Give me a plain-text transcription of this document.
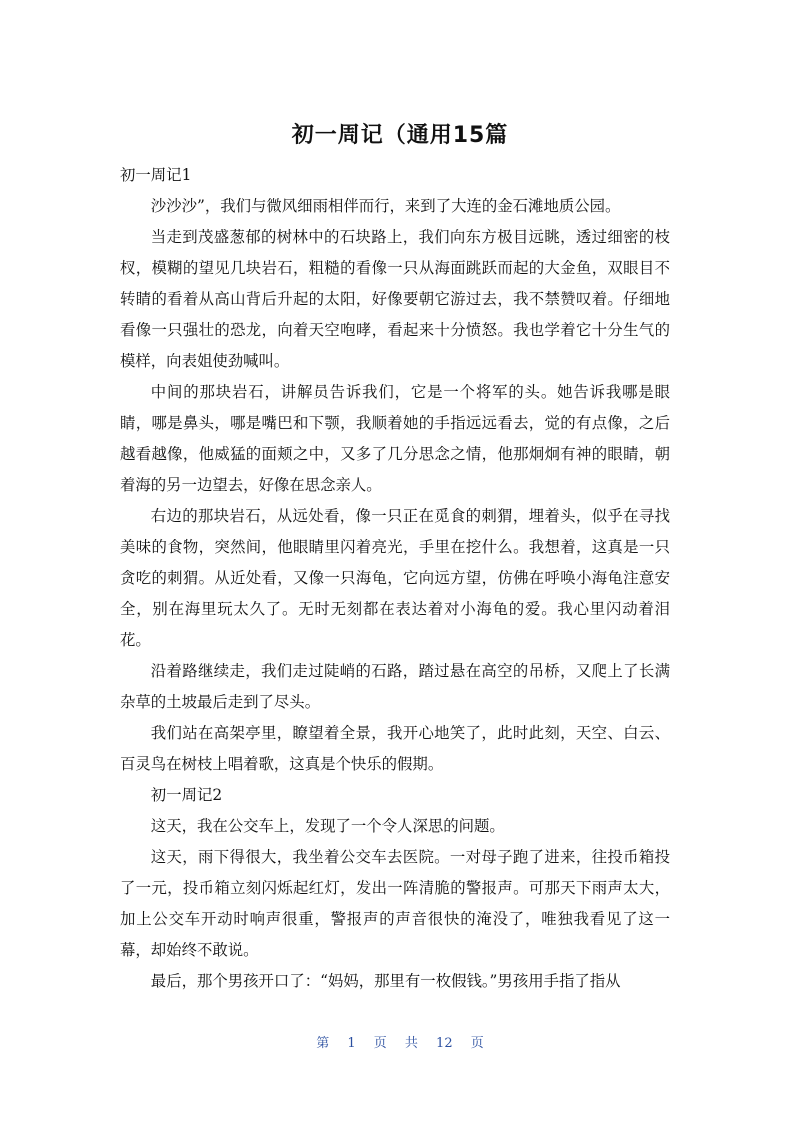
初一周记（通用15篇

初一周记1

沙沙沙”，我们与微风细雨相伴而行，来到了大连的金石滩地质公园。

当走到茂盛葱郁的树林中的石块路上，我们向东方极目远眺，透过细密的枝杈，模糊的望见几块岩石，粗糙的看像一只从海面跳跃而起的大金鱼，双眼目不转睛的看着从高山背后升起的太阳，好像要朝它游过去，我不禁赞叹着。仔细地看像一只强壮的恐龙，向着天空咆哮，看起来十分愤怒。我也学着它十分生气的模样，向表姐使劲喊叫。

中间的那块岩石，讲解员告诉我们，它是一个将军的头。她告诉我哪是眼睛，哪是鼻头，哪是嘴巴和下颚，我顺着她的手指远远看去，觉的有点像，之后越看越像，他威猛的面颊之中，又多了几分思念之情，他那炯炯有神的眼睛，朝着海的另一边望去，好像在思念亲人。

右边的那块岩石，从远处看，像一只正在觅食的刺猬，埋着头，似乎在寻找美味的食物，突然间，他眼睛里闪着亮光，手里在挖什么。我想着，这真是一只贪吃的刺猬。从近处看，又像一只海龟，它向远方望，仿佛在呼唤小海龟注意安全，别在海里玩太久了。无时无刻都在表达着对小海龟的爱。我心里闪动着泪花。

沿着路继续走，我们走过陡峭的石路，踏过悬在高空的吊桥，又爬上了长满杂草的土坡最后走到了尽头。

我们站在高架亭里，瞭望着全景，我开心地笑了，此时此刻，天空、白云、百灵鸟在树枝上唱着歌，这真是个快乐的假期。

初一周记2

这天，我在公交车上，发现了一个令人深思的问题。

这天，雨下得很大，我坐着公交车去医院。一对母子跑了进来，往投币箱投了一元，投币箱立刻闪烁起红灯，发出一阵清脆的警报声。可那天下雨声太大，加上公交车开动时响声很重，警报声的声音很快的淹没了，唯独我看见了这一幕，却始终不敢说。

最后，那个男孩开口了：“妈妈，那里有一枚假钱。”男孩用手指了指从

第 1 页 共 12 页
